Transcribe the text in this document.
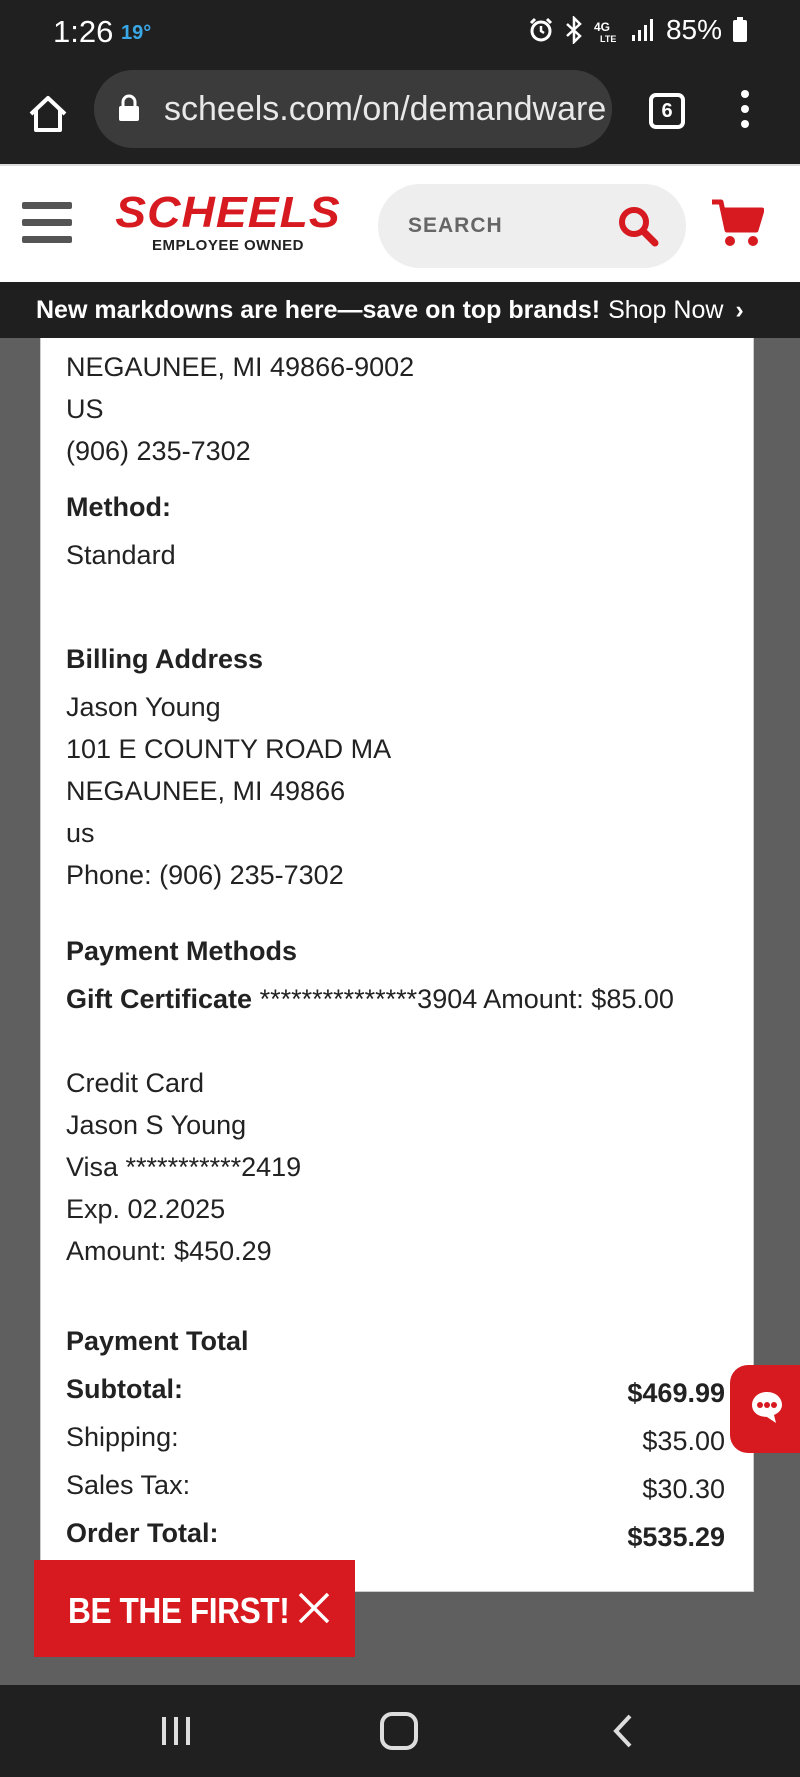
1:26 19°	4G
LTE 85%
scheels.com/on/demandware	6
SCHEELS
EMPLOYEE OWNED
SEARCH
New markdowns are here—save on top brands! Shop Now ›
NEGAUNEE, MI 49866-9002
US
(906) 235-7302
Method:
Standard
Billing Address
Jason Young
101 E COUNTY ROAD MA
NEGAUNEE, MI 49866
us
Phone: (906) 235-7302
Payment Methods
Gift Certificate ***************3904 Amount: $85.00
Credit Card
Jason S Young
Visa ***********2419
Exp. 02.2025
Amount: $450.29
Payment Total
Subtotal:	$469.99
Shipping:	$35.00
Sales Tax:	$30.30
Order Total:	$535.29
BE THE FIRST!
